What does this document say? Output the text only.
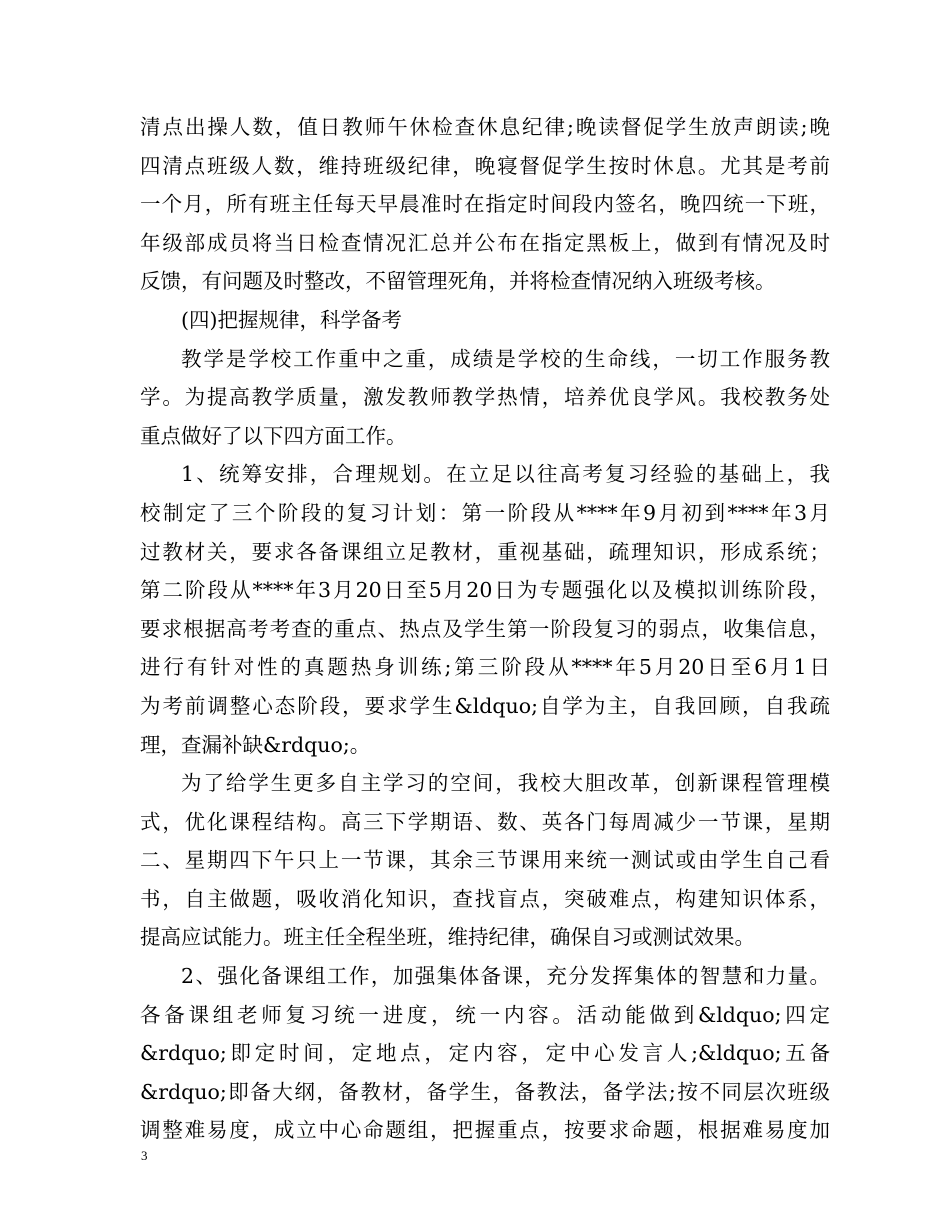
清点出操人数，值日教师午休检查休息纪律;晚读督促学生放声朗读;晚
四清点班级人数，维持班级纪律，晚寝督促学生按时休息。尤其是考前
一个月，所有班主任每天早晨准时在指定时间段内签名，晚四统一下班，
年级部成员将当日检查情况汇总并公布在指定黑板上，做到有情况及时
反馈，有问题及时整改，不留管理死角，并将检查情况纳入班级考核。
(四)把握规律，科学备考
教学是学校工作重中之重，成绩是学校的生命线，一切工作服务教
学。为提高教学质量，激发教师教学热情，培养优良学风。我校教务处
重点做好了以下四方面工作。
1、统筹安排，合理规划。在立足以往高考复习经验的基础上，我
校制定了三个阶段的复习计划：第一阶段从****年9月初到****年3月
过教材关，要求各备课组立足教材，重视基础，疏理知识，形成系统；
第二阶段从****年3月20日至5月20日为专题强化以及模拟训练阶段，
要求根据高考考查的重点、热点及学生第一阶段复习的弱点，收集信息，
进行有针对性的真题热身训练;第三阶段从****年5月20日至6月1日
为考前调整心态阶段，要求学生&ldquo;自学为主，自我回顾，自我疏
理，查漏补缺&rdquo;。
为了给学生更多自主学习的空间，我校大胆改革，创新课程管理模
式，优化课程结构。高三下学期语、数、英各门每周减少一节课，星期
二、星期四下午只上一节课，其余三节课用来统一测试或由学生自己看
书，自主做题，吸收消化知识，查找盲点，突破难点，构建知识体系，
提高应试能力。班主任全程坐班，维持纪律，确保自习或测试效果。
2、强化备课组工作，加强集体备课，充分发挥集体的智慧和力量。
各备课组老师复习统一进度，统一内容。活动能做到&ldquo;四定
&rdquo;即定时间，定地点，定内容，定中心发言人;&ldquo;五备
&rdquo;即备大纲，备教材，备学生，备教法，备学法;按不同层次班级
调整难易度，成立中心命题组，把握重点，按要求命题，根据难易度加
3
